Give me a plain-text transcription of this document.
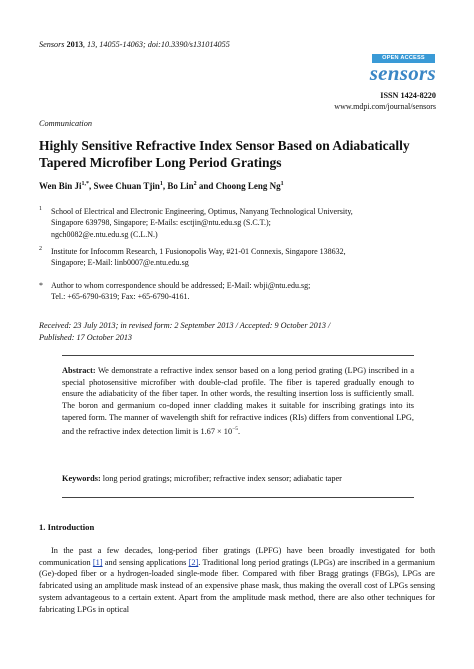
Sensors 2013, 13, 14055-14063; doi:10.3390/s131014055
OPEN ACCESS
sensors
ISSN 1424-8220
www.mdpi.com/journal/sensors
Communication
Highly Sensitive Refractive Index Sensor Based on Adiabatically Tapered Microfiber Long Period Gratings
Wen Bin $Ji^{1,*}$, Swee Chuan Tjin$^1$, Bo Lin$^2$ and Choong Leng Ng$^1$
1 School of Electrical and Electronic Engineering, Optimus, Nanyang Technological University,
Singapore 639798, Singapore; E-Mails: esctjin@ntu.edu.sg (S.C.T.);
ngch0082@e.ntu.edu.sg (C.L.N.)
2 Institute for Infocomm Research, 1 Fusionopolis Way, #21-01 Connexis, Singapore 138632,
Singapore; E-Mail: linb0007@e.ntu.edu.sg
* Author to whom correspondence should be addressed; E-Mail: wbji@ntu.edu.sg;
Tel.: +65-6790-6319; Fax: +65-6790-4161.
Received: 23 July 2013; in revised form: 2 September 2013 / Accepted: 9 October 2013 /
Published: 17 October 2013
Abstract: We demonstrate a refractive index sensor based on a long period grating (LPG) inscribed in a special photosensitive microfiber with double-clad profile. The fiber is tapered gradually enough to ensure the adiabaticity of the fiber taper. In other words, the resulting insertion loss is sufficiently small. The boron and germanium co-doped inner cladding makes it suitable for inscribing gratings into its tapered form. The manner of wavelength shift for refractive indices (RIs) differs from conventional LPG, and the refractive index detection limit is $1.67 \times 10^{-5}$.
Keywords: long period gratings; microfiber; refractive index sensor; adiabatic taper
1. Introduction
In the past a few decades, long-period fiber gratings (LPFG) have been broadly investigated for both communication [1] and sensing applications [2]. Traditional long period gratings (LPGs) are inscribed in a germanium (Ge)-doped fiber or a hydrogen-loaded single-mode fiber. Compared with fiber Bragg gratings (FBGs), LPGs are fabricated using an amplitude mask instead of an expensive phase mask, thus making the overall cost of LPGs sensing system advantageous to a certain extent. Apart from the amplitude mask method, there are also other techniques for fabricating LPGs in optical
